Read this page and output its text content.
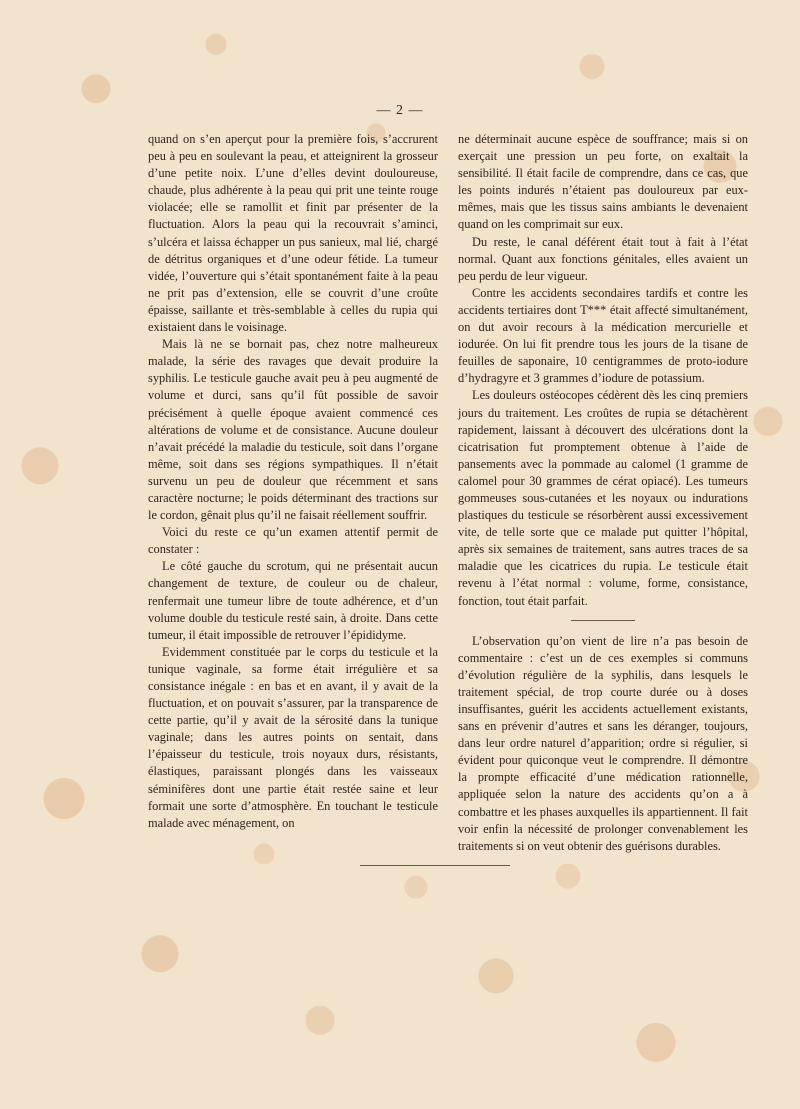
— 2 —

quand on s’en aperçut pour la première fois, s’accrurent peu à peu en soulevant la peau, et atteignirent la grosseur d’une petite noix. L’une d’elles devint douloureuse, chaude, plus adhérente à la peau qui prit une teinte rouge violacée; elle se ramollit et finit par présenter de la fluctuation. Alors la peau qui la recouvrait s’aminci, s’ulcéra et laissa échapper un pus sanieux, mal lié, chargé de détritus organiques et d’une odeur fétide. La tumeur vidée, l’ouverture qui s’était spontanément faite à la peau ne prit pas d’extension, elle se couvrit d’une croûte épaisse, saillante et très-semblable à celles du rupia qui existaient dans le voisinage.

Mais là ne se bornait pas, chez notre malheureux malade, la série des ravages que devait produire la syphilis. Le testicule gauche avait peu à peu augmenté de volume et durci, sans qu’il fût possible de savoir précisément à quelle époque avaient commencé ces altérations de volume et de consistance. Aucune douleur n’avait précédé la maladie du testicule, soit dans l’organe même, soit dans ses régions sympathiques. Il n’était survenu un peu de douleur que récemment et sans caractère nocturne; le poids déterminant des tractions sur le cordon, gênait plus qu’il ne faisait réellement souffrir.

Voici du reste ce qu’un examen attentif permit de constater :

Le côté gauche du scrotum, qui ne présentait aucun changement de texture, de couleur ou de chaleur, renfermait une tumeur libre de toute adhérence, et d’un volume double du testicule resté sain, à droite. Dans cette tumeur, il était impossible de retrouver l’épididyme.

Evidemment constituée par le corps du testicule et la tunique vaginale, sa forme était irrégulière et sa consistance inégale : en bas et en avant, il y avait de la fluctuation, et on pouvait s’assurer, par la transparence de cette partie, qu’il y avait de la sérosité dans la tunique vaginale; dans les autres points on sentait, dans l’épaisseur du testicule, trois noyaux durs, résistants, élastiques, paraissant plongés dans les vaisseaux séminifères dont une partie était restée saine et leur formait une sorte d’atmosphère. En touchant le testicule malade avec ménagement, on

ne déterminait aucune espèce de souffrance; mais si on exerçait une pression un peu forte, on exaltait la sensibilité. Il était facile de comprendre, dans ce cas, que les points indurés n’étaient pas douloureux par eux-mêmes, mais que les tissus sains ambiants le devenaient quand on les comprimait sur eux.

Du reste, le canal déférent était tout à fait à l’état normal. Quant aux fonctions génitales, elles avaient un peu perdu de leur vigueur.

Contre les accidents secondaires tardifs et contre les accidents tertiaires dont T*** était affecté simultanément, on dut avoir recours à la médication mercurielle et iodurée. On lui fit prendre tous les jours de la tisane de feuilles de saponaire, 10 centigrammes de proto-iodure d’hydragyre et 3 grammes d’iodure de potassium.

Les douleurs ostéocopes cédèrent dès les cinq premiers jours du traitement. Les croûtes de rupia se détachèrent rapidement, laissant à découvert des ulcérations dont la cicatrisation fut promptement obtenue à l’aide de pansements avec la pommade au calomel (1 gramme de calomel pour 30 grammes de cérat opiacé). Les tumeurs gommeuses sous-cutanées et les noyaux ou indurations plastiques du testicule se résorbèrent aussi excessivement vite, de telle sorte que ce malade put quitter l’hôpital, après six semaines de traitement, sans autres traces de sa maladie que les cicatrices du rupia. Le testicule était revenu à l’état normal : volume, forme, consistance, fonction, tout était parfait.

L’observation qu’on vient de lire n’a pas besoin de commentaire : c’est un de ces exemples si communs d’évolution régulière de la syphilis, dans lesquels le traitement spécial, de trop courte durée ou à doses insuffisantes, guérit les accidents actuellement existants, sans en prévenir d’autres et sans les déranger, toujours, dans leur ordre naturel d’apparition; ordre si régulier, si évident pour quiconque veut le comprendre. Il démontre la prompte efficacité d’une médication rationnelle, appliquée selon la nature des accidents qu’on a à combattre et les phases auxquelles ils appartiennent. Il fait voir enfin la nécessité de prolonger convenablement les traitements si on veut obtenir des guérisons durables.
